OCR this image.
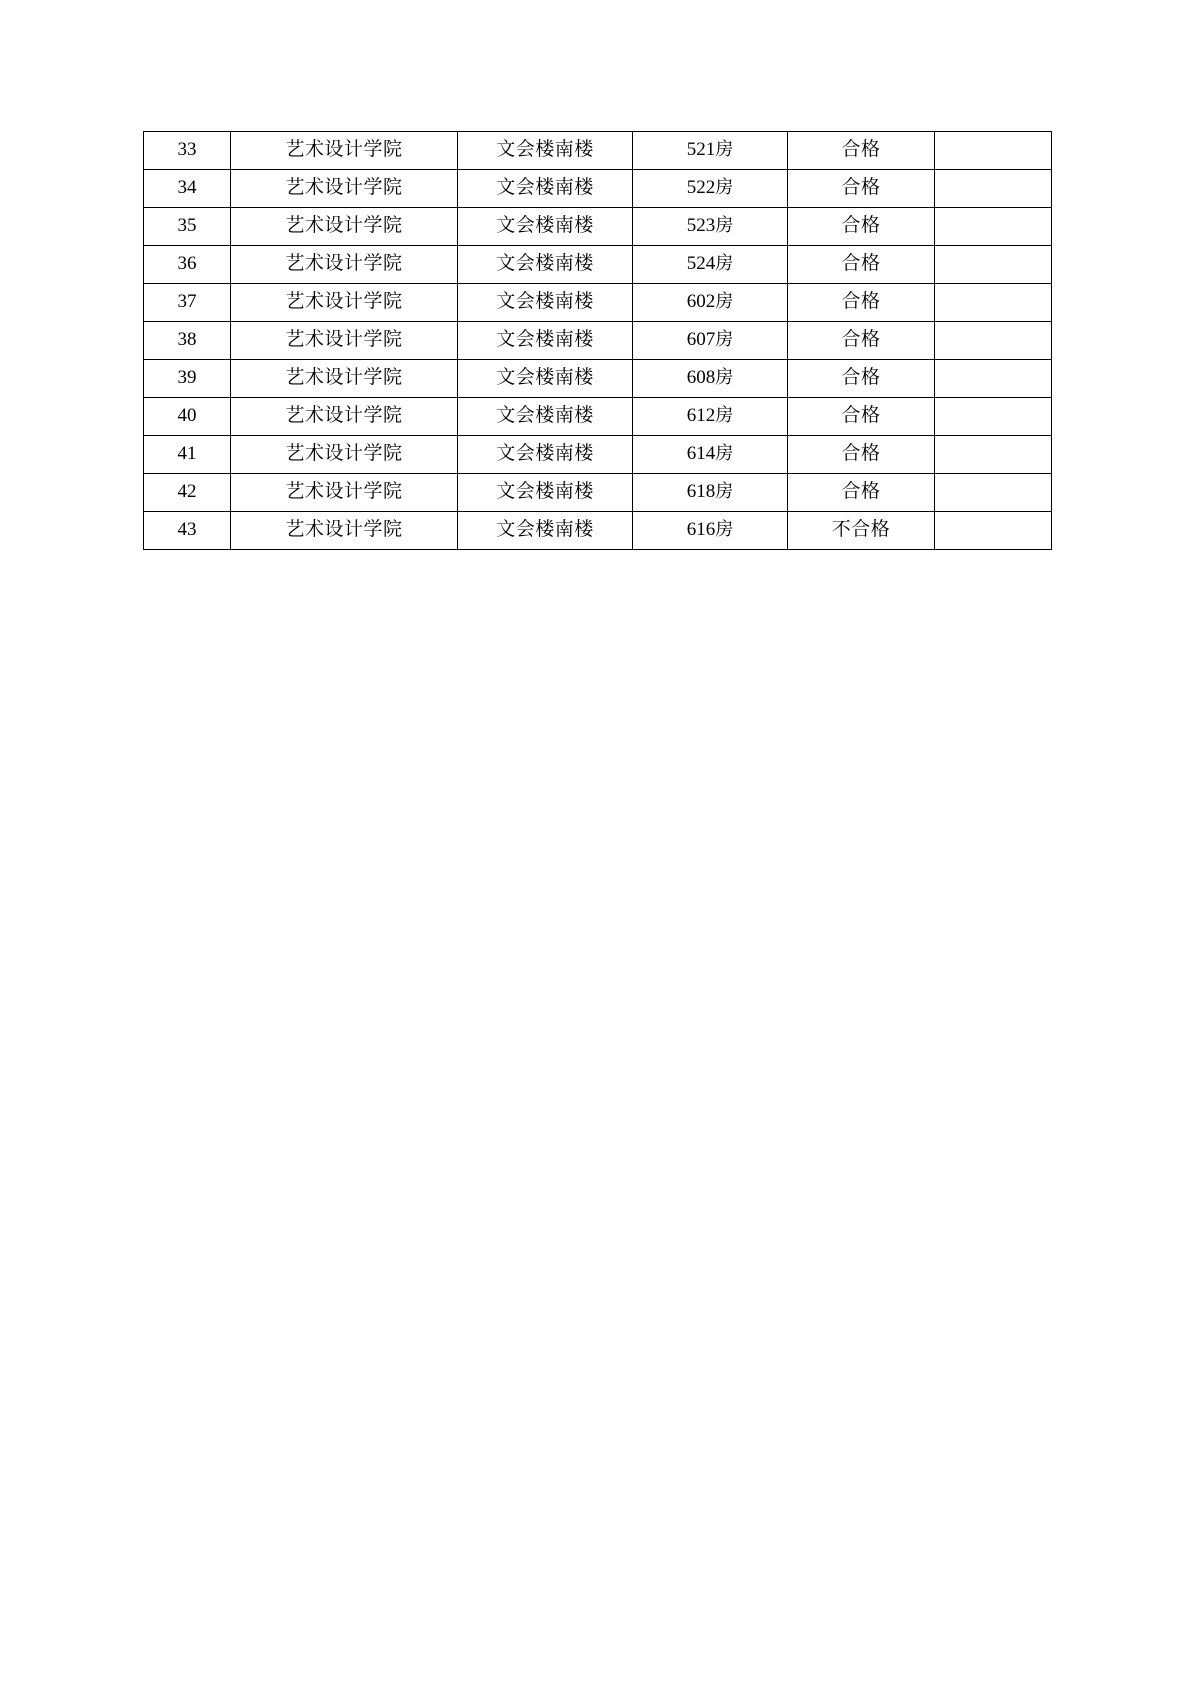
33	艺术设计学院	文会楼南楼	521房	合格	
34	艺术设计学院	文会楼南楼	522房	合格	
35	艺术设计学院	文会楼南楼	523房	合格	
36	艺术设计学院	文会楼南楼	524房	合格	
37	艺术设计学院	文会楼南楼	602房	合格	
38	艺术设计学院	文会楼南楼	607房	合格	
39	艺术设计学院	文会楼南楼	608房	合格	
40	艺术设计学院	文会楼南楼	612房	合格	
41	艺术设计学院	文会楼南楼	614房	合格	
42	艺术设计学院	文会楼南楼	618房	合格	
43	艺术设计学院	文会楼南楼	616房	不合格	
